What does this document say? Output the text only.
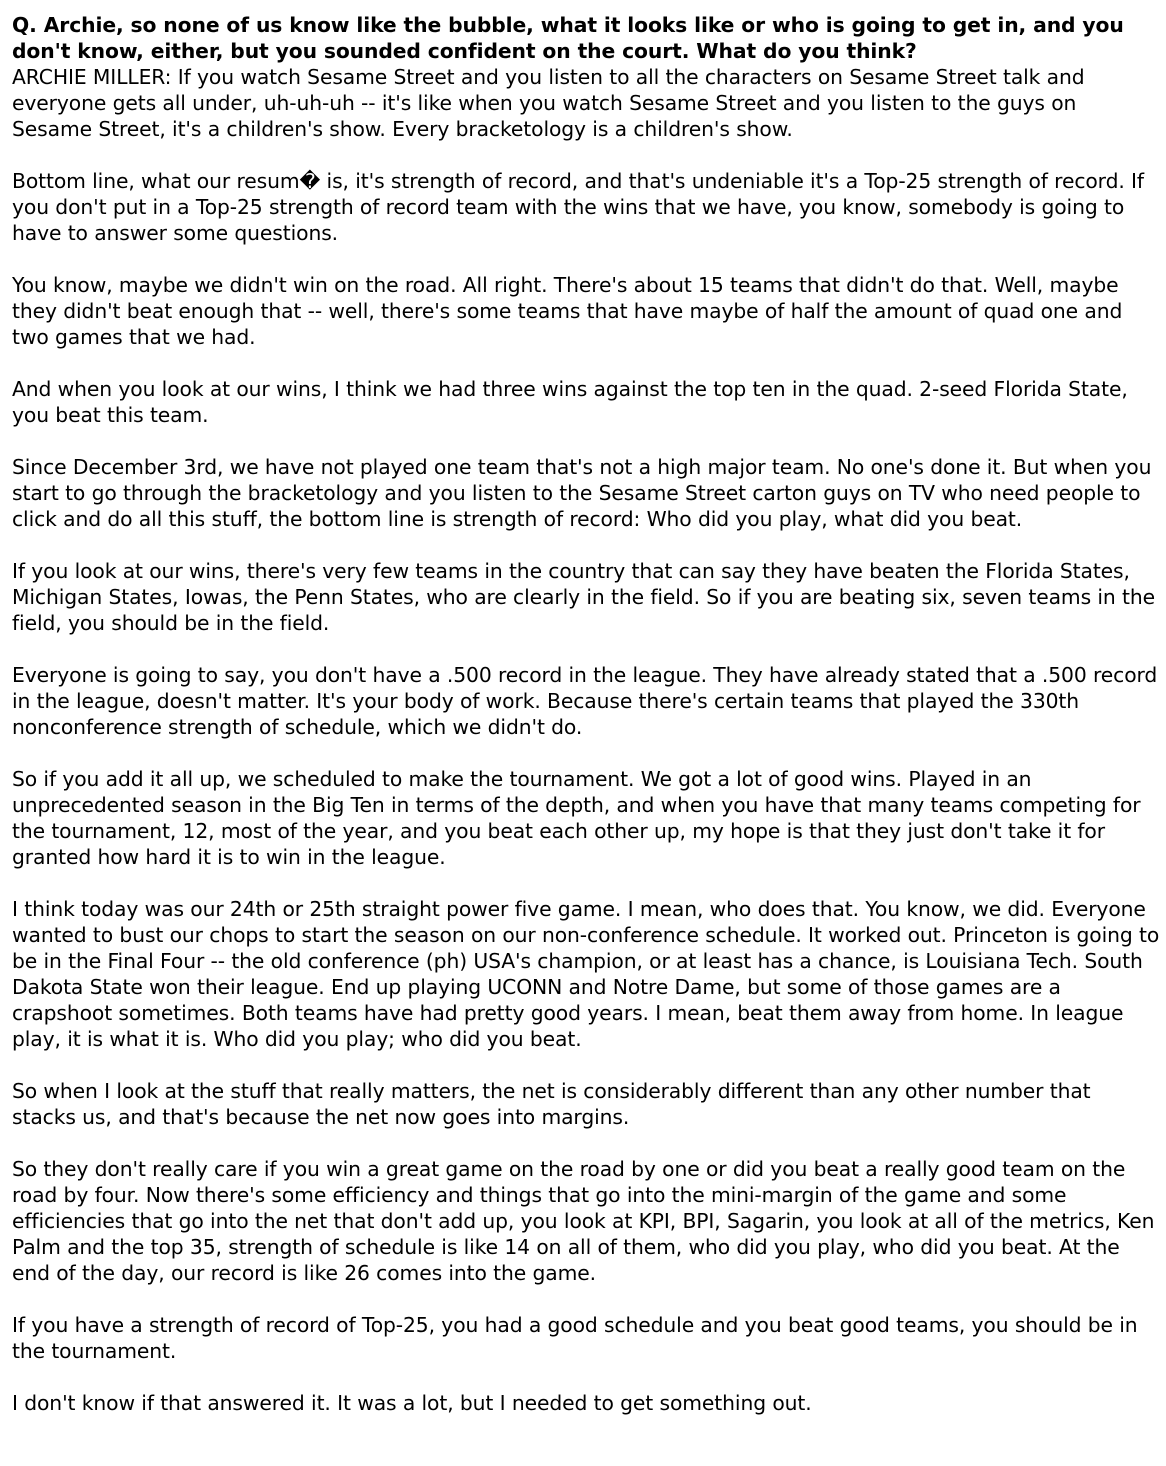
Q. Archie, so none of us know like the bubble, what it looks like or who is going to get in, and you don't know, either, but you sounded confident on the court. What do you think?

ARCHIE MILLER: If you watch Sesame Street and you listen to all the characters on Sesame Street talk and everyone gets all under, uh-uh-uh -- it's like when you watch Sesame Street and you listen to the guys on Sesame Street, it's a children's show. Every bracketology is a children's show.

Bottom line, what our resum� is, it's strength of record, and that's undeniable it's a Top-25 strength of record. If you don't put in a Top-25 strength of record team with the wins that we have, you know, somebody is going to have to answer some questions.

You know, maybe we didn't win on the road. All right. There's about 15 teams that didn't do that. Well, maybe they didn't beat enough that -- well, there's some teams that have maybe of half the amount of quad one and two games that we had.

And when you look at our wins, I think we had three wins against the top ten in the quad. 2-seed Florida State, you beat this team.

Since December 3rd, we have not played one team that's not a high major team. No one's done it. But when you start to go through the bracketology and you listen to the Sesame Street carton guys on TV who need people to click and do all this stuff, the bottom line is strength of record: Who did you play, what did you beat.

If you look at our wins, there's very few teams in the country that can say they have beaten the Florida States, Michigan States, Iowas, the Penn States, who are clearly in the field. So if you are beating six, seven teams in the field, you should be in the field.

Everyone is going to say, you don't have a .500 record in the league. They have already stated that a .500 record in the league, doesn't matter. It's your body of work. Because there's certain teams that played the 330th nonconference strength of schedule, which we didn't do.

So if you add it all up, we scheduled to make the tournament. We got a lot of good wins. Played in an unprecedented season in the Big Ten in terms of the depth, and when you have that many teams competing for the tournament, 12, most of the year, and you beat each other up, my hope is that they just don't take it for granted how hard it is to win in the league.

I think today was our 24th or 25th straight power five game. I mean, who does that. You know, we did. Everyone wanted to bust our chops to start the season on our non-conference schedule. It worked out. Princeton is going to be in the Final Four -- the old conference (ph) USA's champion, or at least has a chance, is Louisiana Tech. South Dakota State won their league. End up playing UCONN and Notre Dame, but some of those games are a crapshoot sometimes. Both teams have had pretty good years. I mean, beat them away from home. In league play, it is what it is. Who did you play; who did you beat.

So when I look at the stuff that really matters, the net is considerably different than any other number that stacks us, and that's because the net now goes into margins.

So they don't really care if you win a great game on the road by one or did you beat a really good team on the road by four. Now there's some efficiency and things that go into the mini-margin of the game and some efficiencies that go into the net that don't add up, you look at KPI, BPI, Sagarin, you look at all of the metrics, Ken Palm and the top 35, strength of schedule is like 14 on all of them, who did you play, who did you beat. At the end of the day, our record is like 26 comes into the game.

If you have a strength of record of Top-25, you had a good schedule and you beat good teams, you should be in the tournament.

I don't know if that answered it. It was a lot, but I needed to get something out.
